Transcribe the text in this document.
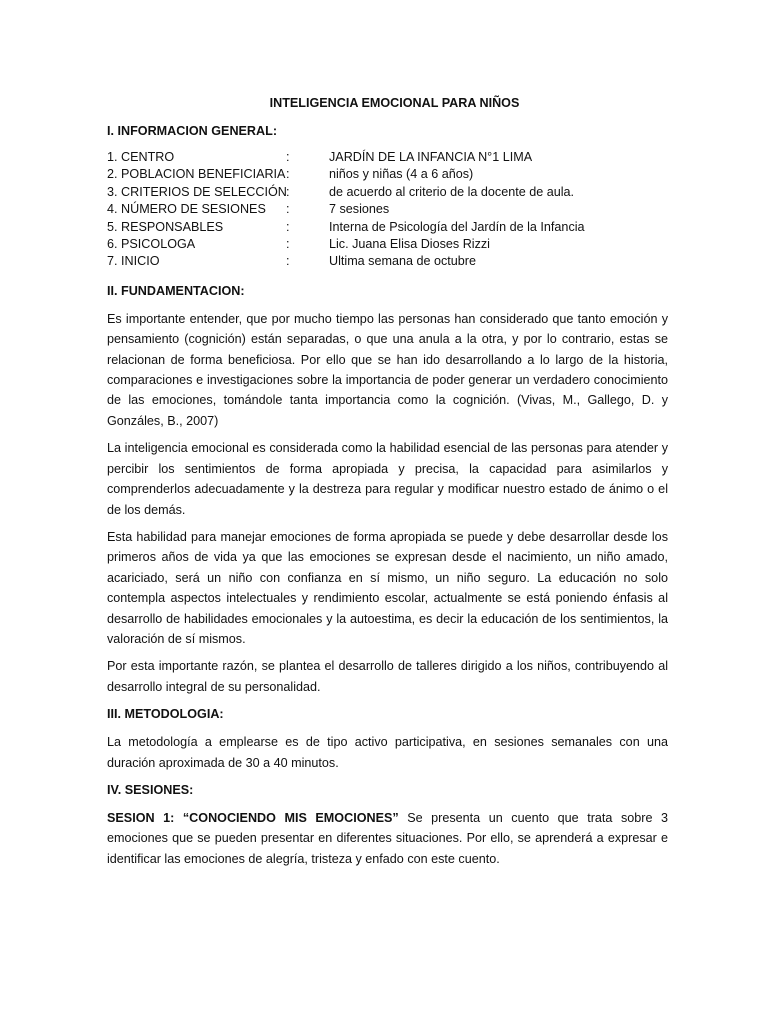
INTELIGENCIA EMOCIONAL PARA NIÑOS
I. INFORMACION GENERAL:
1. CENTRO	:	JARDÍN DE LA INFANCIA N°1 LIMA
2. POBLACION BENEFICIARIA :	niños y niñas (4 a 6 años)
3. CRITERIOS DE SELECCIÓN :	de acuerdo al criterio de la docente de aula.
4. NÚMERO DE SESIONES	:	7 sesiones
5. RESPONSABLES	:	Interna de Psicología del Jardín de la Infancia
6. PSICOLOGA	:	Lic. Juana Elisa Dioses Rizzi
7. INICIO	:	Ultima semana de octubre
II. FUNDAMENTACION:

Es importante entender, que por mucho tiempo las personas han considerado que tanto emoción y pensamiento (cognición) están separadas, o que una anula a la otra, y por lo contrario, estas se relacionan de forma beneficiosa. Por ello que se han ido desarrollando a lo largo de la historia, comparaciones e investigaciones sobre la importancia de poder generar un verdadero conocimiento de las emociones, tomándole tanta importancia como la cognición. (Vivas, M., Gallego, D. y Gonzáles, B., 2007)

La inteligencia emocional es considerada como la habilidad esencial de las personas para atender y percibir los sentimientos de forma apropiada y precisa, la capacidad para asimilarlos y comprenderlos adecuadamente y la destreza para regular y modificar nuestro estado de ánimo o el de los demás.

Esta habilidad para manejar emociones de forma apropiada se puede y debe desarrollar desde los primeros años de vida ya que las emociones se expresan desde el nacimiento, un niño amado, acariciado, será un niño con confianza en sí mismo, un niño seguro. La educación no solo contempla aspectos intelectuales y rendimiento escolar, actualmente se está poniendo énfasis al desarrollo de habilidades emocionales y la autoestima, es decir la educación de los sentimientos, la valoración de sí mismos.

Por esta importante razón, se plantea el desarrollo de talleres dirigido a los niños, contribuyendo al desarrollo integral de su personalidad.

III. METODOLOGIA:

La metodología a emplearse es de tipo activo participativa, en sesiones semanales con una duración aproximada de 30 a 40 minutos.

IV. SESIONES:

SESION 1: “CONOCIENDO MIS EMOCIONES” Se presenta un cuento que trata sobre 3 emociones que se pueden presentar en diferentes situaciones. Por ello, se aprenderá a expresar e identificar las emociones de alegría, tristeza y enfado con este cuento.
